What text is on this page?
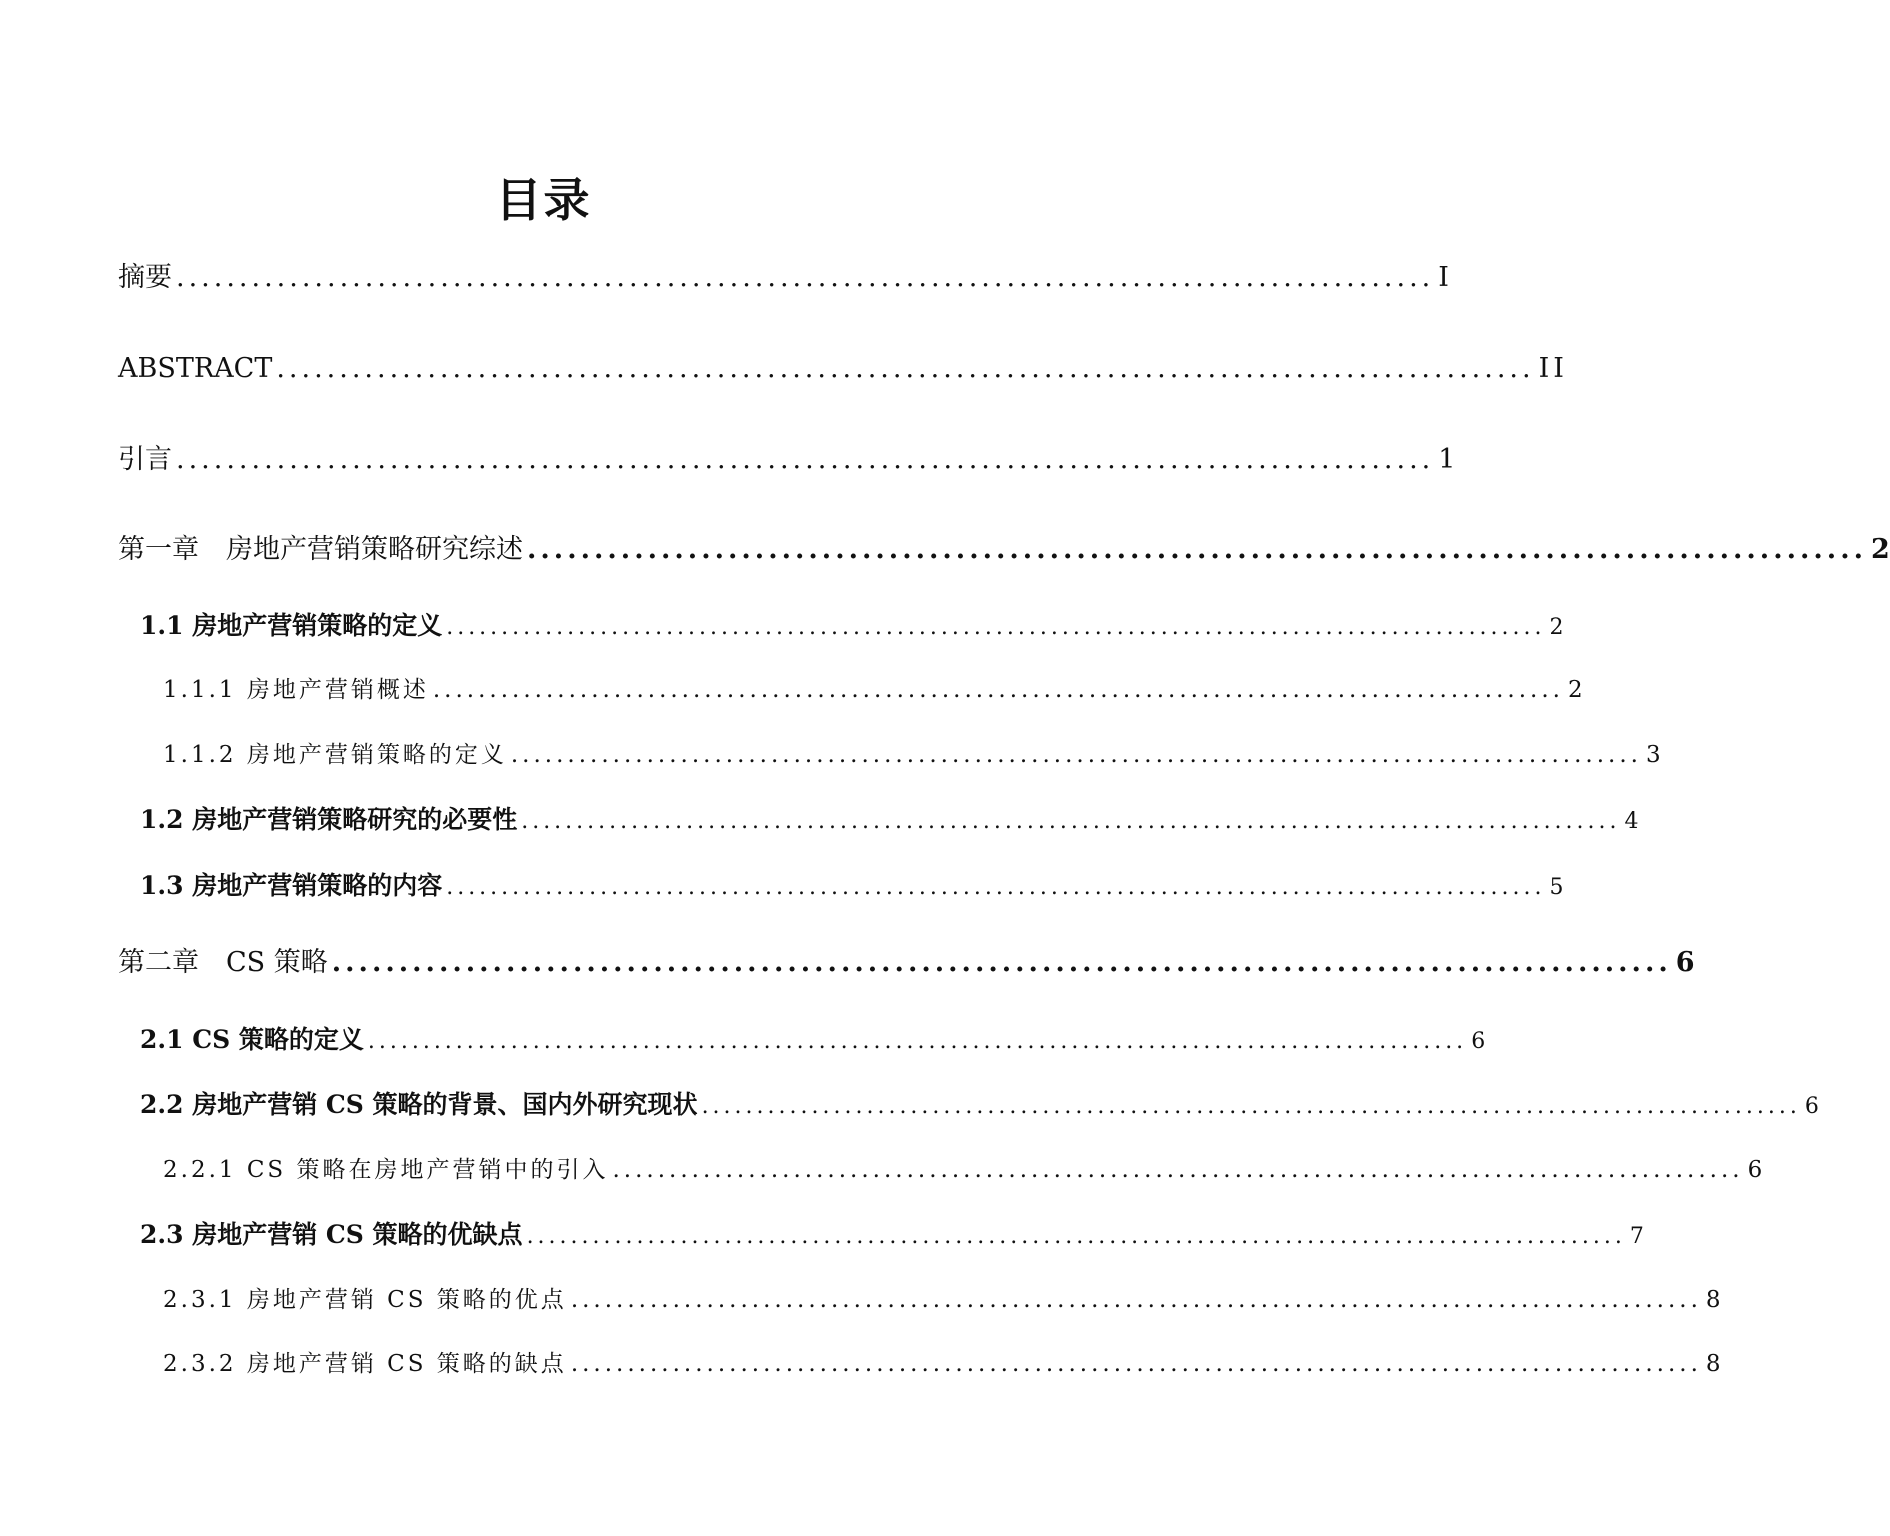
目录
摘要 .................................................................................................... I
ABSTRACT .................................................................................................... II
引言 .................................................................................................... 1
第一章　房地产营销策略研究综述 .................................................................................................... 2
1.1 房地产营销策略的定义 .................................................................................................... 2
1.1.1 房地产营销概述 .................................................................................................... 2
1.1.2 房地产营销策略的定义 .................................................................................................... 3
1.2 房地产营销策略研究的必要性 .................................................................................................... 4
1.3 房地产营销策略的内容 .................................................................................................... 5
第二章　CS 策略 .................................................................................................... 6
2.1 CS 策略的定义 .................................................................................................... 6
2.2 房地产营销 CS 策略的背景、国内外研究现状 .................................................................................................... 6
2.2.1 CS 策略在房地产营销中的引入 .................................................................................................... 6
2.3 房地产营销 CS 策略的优缺点 .................................................................................................... 7
2.3.1 房地产营销 CS 策略的优点 .................................................................................................... 8
2.3.2 房地产营销 CS 策略的缺点 .................................................................................................... 8
